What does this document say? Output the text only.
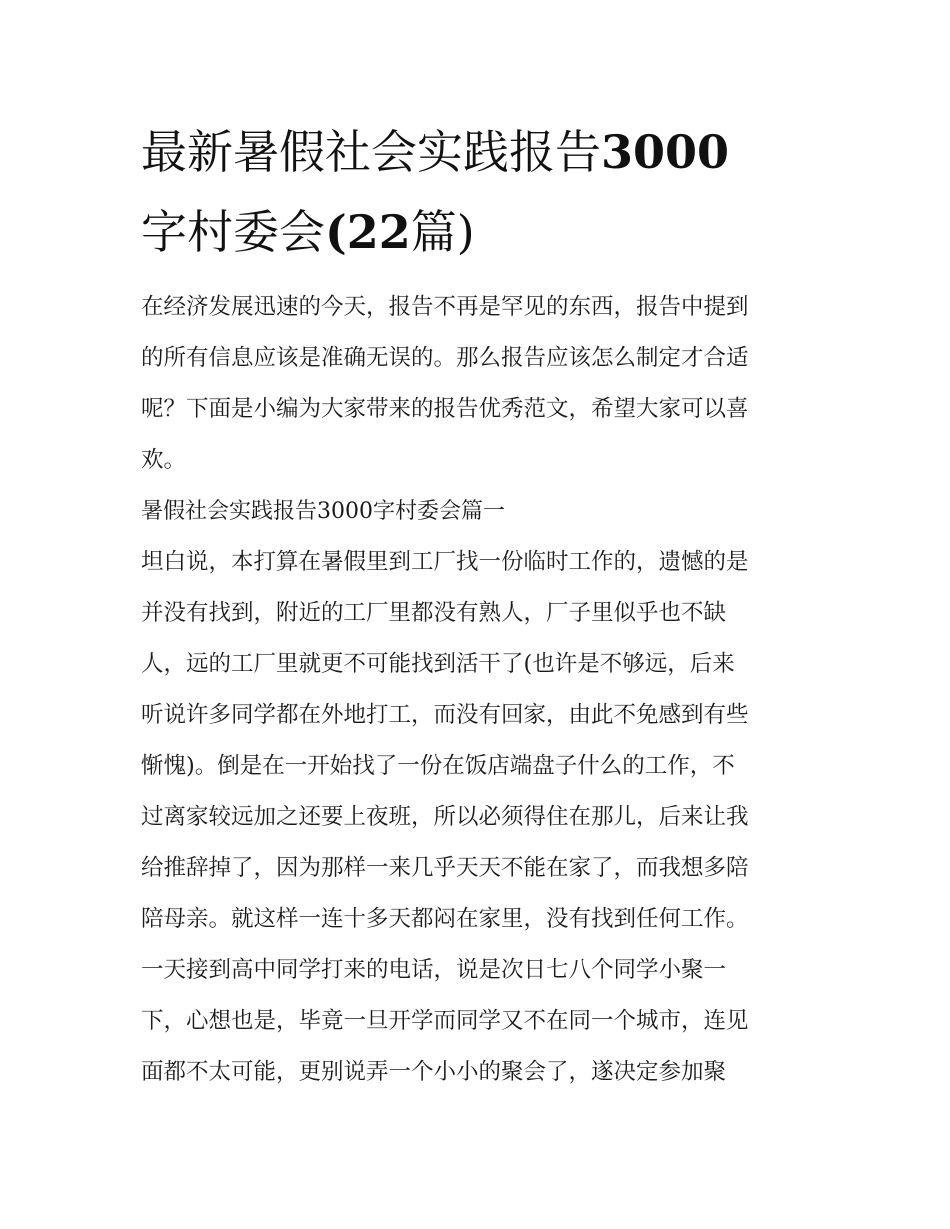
最新暑假社会实践报告3000
字村委会(22篇)

在经济发展迅速的今天，报告不再是罕见的东西，报告中提到
的所有信息应该是准确无误的。那么报告应该怎么制定才合适
呢？下面是小编为大家带来的报告优秀范文，希望大家可以喜
欢。

暑假社会实践报告3000字村委会篇一

坦白说，本打算在暑假里到工厂找一份临时工作的，遗憾的是
并没有找到，附近的工厂里都没有熟人，厂子里似乎也不缺
人，远的工厂里就更不可能找到活干了(也许是不够远，后来
听说许多同学都在外地打工，而没有回家，由此不免感到有些
惭愧)。倒是在一开始找了一份在饭店端盘子什么的工作，不
过离家较远加之还要上夜班，所以必须得住在那儿，后来让我
给推辞掉了，因为那样一来几乎天天不能在家了，而我想多陪
陪母亲。就这样一连十多天都闷在家里，没有找到任何工作。
一天接到高中同学打来的电话，说是次日七八个同学小聚一
下，心想也是，毕竟一旦开学而同学又不在同一个城市，连见
面都不太可能，更别说弄一个小小的聚会了，遂决定参加聚
